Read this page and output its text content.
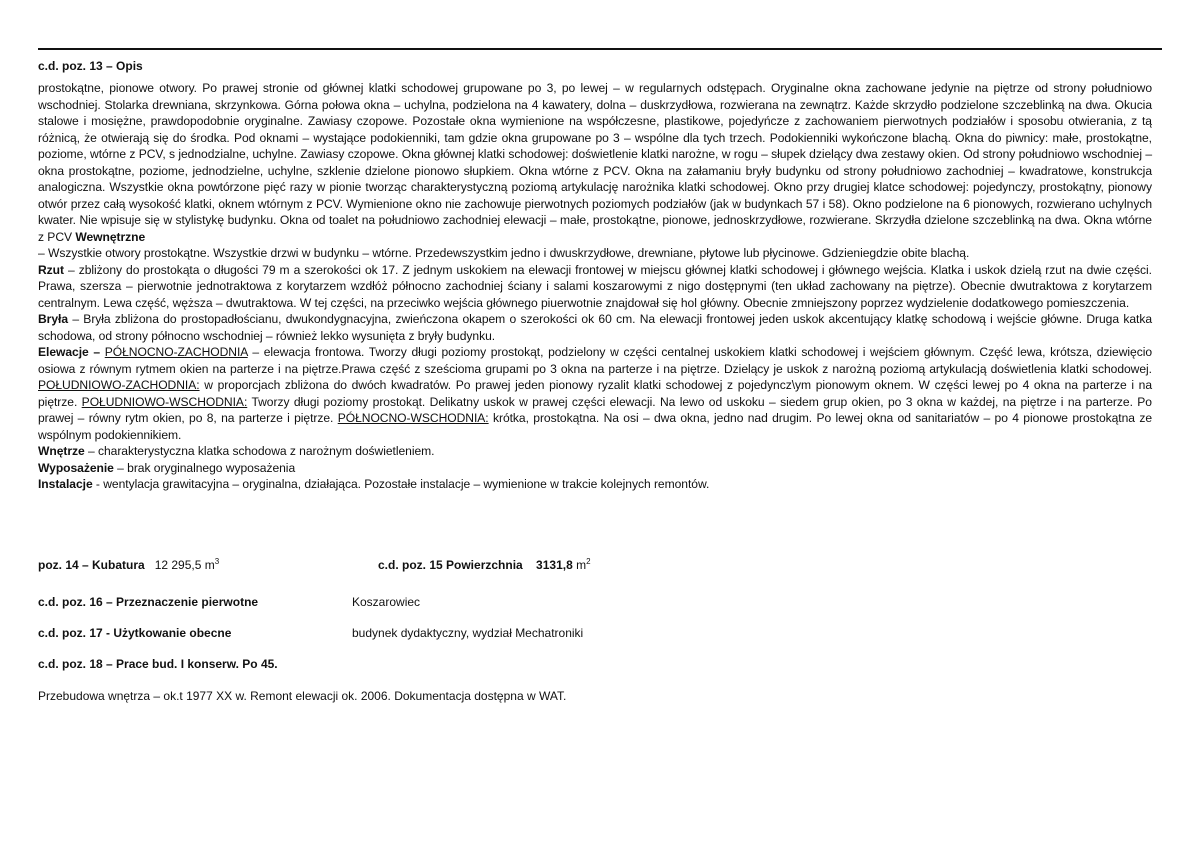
c.d. poz. 13 – Opis

prostokątne, pionowe otwory. Po prawej stronie od głównej klatki schodowej grupowane po 3, po lewej – w regularnych odstępach. Oryginalne okna zachowane jedynie na piętrze od strony południowo wschodniej. Stolarka drewniana, skrzynkowa. Górna połowa okna – uchylna, podzielona na 4 kawatery, dolna – duskrzydłowa, rozwierana na zewnątrz. Każde skrzydło podzielone szczeblinką na dwa. Okucia stalowe i mosiężne, prawdopodobnie oryginalne. Zawiasy czopowe. Pozostałe okna wymienione na współczesne, plastikowe, pojedyńcze z zachowaniem pierwotnych podziałów i sposobu otwierania, z tą różnicą, że otwierają się do środka. Pod oknami – wystające podokienniki, tam gdzie okna grupowane po 3 – wspólne dla tych trzech. Podokienniki wykończone blachą. Okna do piwnicy: małe, prostokątne, poziome, wtórne z PCV, s jednodzialne, uchylne. Zawiasy czopowe. Okna głównej klatki schodowej: doświetlenie klatki narożne, w rogu – słupek dzielący dwa zestawy okien. Od strony południowo wschodniej – okna prostokątne, poziome, jednodzielne, uchylne, szklenie dzielone pionowo słupkiem. Okna wtórne z PCV. Okna na załamaniu bryły budynku od strony południowo zachodniej – kwadratowe, konstrukcja analogiczna. Wszystkie okna powtórzone pięć razy w pionie tworząc charakterystyczną poziomą artykulację narożnika klatki schodowej. Okno przy drugiej klatce schodowej: pojedynczy, prostokątny, pionowy otwór przez całą wysokość klatki, oknem wtórnym z PCV. Wymienione okno nie zachowuje pierwotnych poziomych podziałów (jak w budynkach 57 i 58). Okno podzielone na 6 pionowych, rozwierano uchylnych kwater. Nie wpisuje się w stylistykę budynku. Okna od toalet na południowo zachodniej elewacji – małe, prostokątne, pionowe, jednoskrzydłowe, rozwierane. Skrzydła dzielone szczeblinką na dwa. Okna wtórne z PCV Wewnętrzne
– Wszystkie otwory prostokątne. Wszystkie drzwi w budynku – wtórne. Przedewszystkim jedno i dwuskrzydłowe, drewniane, płytowe lub płycinowe. Gdzieniegdzie obite blachą.

Rzut – zbliżony do prostokąta o długości 79 m a szerokości ok 17. Z jednym uskokiem na elewacji frontowej w miejscu głównej klatki schodowej i głównego wejścia. Klatka i uskok dzielą rzut na dwie części. Prawa, szersza – pierwotnie jednotraktowa z korytarzem wzdłóż północno zachodniej ściany i salami koszarowymi z nigo dostępnymi (ten układ zachowany na piętrze). Obecnie dwutraktowa z korytarzem centralnym. Lewa część, węższa – dwutraktowa. W tej części, na przeciwko wejścia głównego piuerwotnie znajdował się hol główny. Obecnie zmniejszony poprzez wydzielenie dodatkowego pomieszczenia.

Bryła – Bryła zbliżona do prostopadłościanu, dwukondygnacyjna, zwieńczona okapem o szerokości ok 60 cm. Na elewacji frontowej jeden uskok akcentujący klatkę schodową i wejście główne. Druga katka schodowa, od strony północno wschodniej – również lekko wysunięta z bryły budynku.

Elewacje – PÓŁNOCNO-ZACHODNIA – elewacja frontowa. Tworzy długi poziomy prostokąt, podzielony w części centalnej uskokiem klatki schodowej i wejściem głównym. Część lewa, krótsza, dziewięcio osiowa z równym rytmem okien na parterze i na piętrze.Prawa część z sześcioma grupami po 3 okna na parterze i na piętrze. Dzielący je uskok z narożną poziomą artykulacją doświetlenia klatki schodowej. POŁUDNIOWO-ZACHODNIA: w proporcjach zbliżona do dwóch kwadratów. Po prawej jeden pionowy ryzalit klatki schodowej z pojedyncz\ym pionowym oknem. W części lewej po 4 okna na parterze i na piętrze. POŁUDNIOWO-WSCHODNIA: Tworzy długi poziomy prostokąt. Delikatny uskok w prawej części elewacji. Na lewo od uskoku – siedem grup okien, po 3 okna w każdej, na piętrze i na parterze. Po prawej – równy rytm okien, po 8, na parterze i piętrze. PÓŁNOCNO-WSCHODNIA: krótka, prostokątna. Na osi – dwa okna, jedno nad drugim. Po lewej okna od sanitariatów – po 4 pionowe prostokątna ze wspólnym podokiennikiem.

Wnętrze – charakterystyczna klatka schodowa z narożnym doświetleniem.

Wyposażenie – brak oryginalnego wyposażenia

Instalacje - wentylacja grawitacyjna – oryginalna, działająca. Pozostałe instalacje – wymienione w trakcie kolejnych remontów.

poz. 14 – Kubatura 12 295,5 $m^3$	c.d. poz. 15 Powierzchnia 3131,8 $m^2$
c.d. poz. 16 – Przeznaczenie pierwotne	Koszarowiec
c.d. poz. 17 - Użytkowanie obecne	budynek dydaktyczny, wydział Mechatroniki
c.d. poz. 18 – Prace bud. I konserw. Po 45.
Przebudowa wnętrza – ok.t 1977 XX w. Remont elewacji ok. 2006. Dokumentacja dostępna w WAT.
